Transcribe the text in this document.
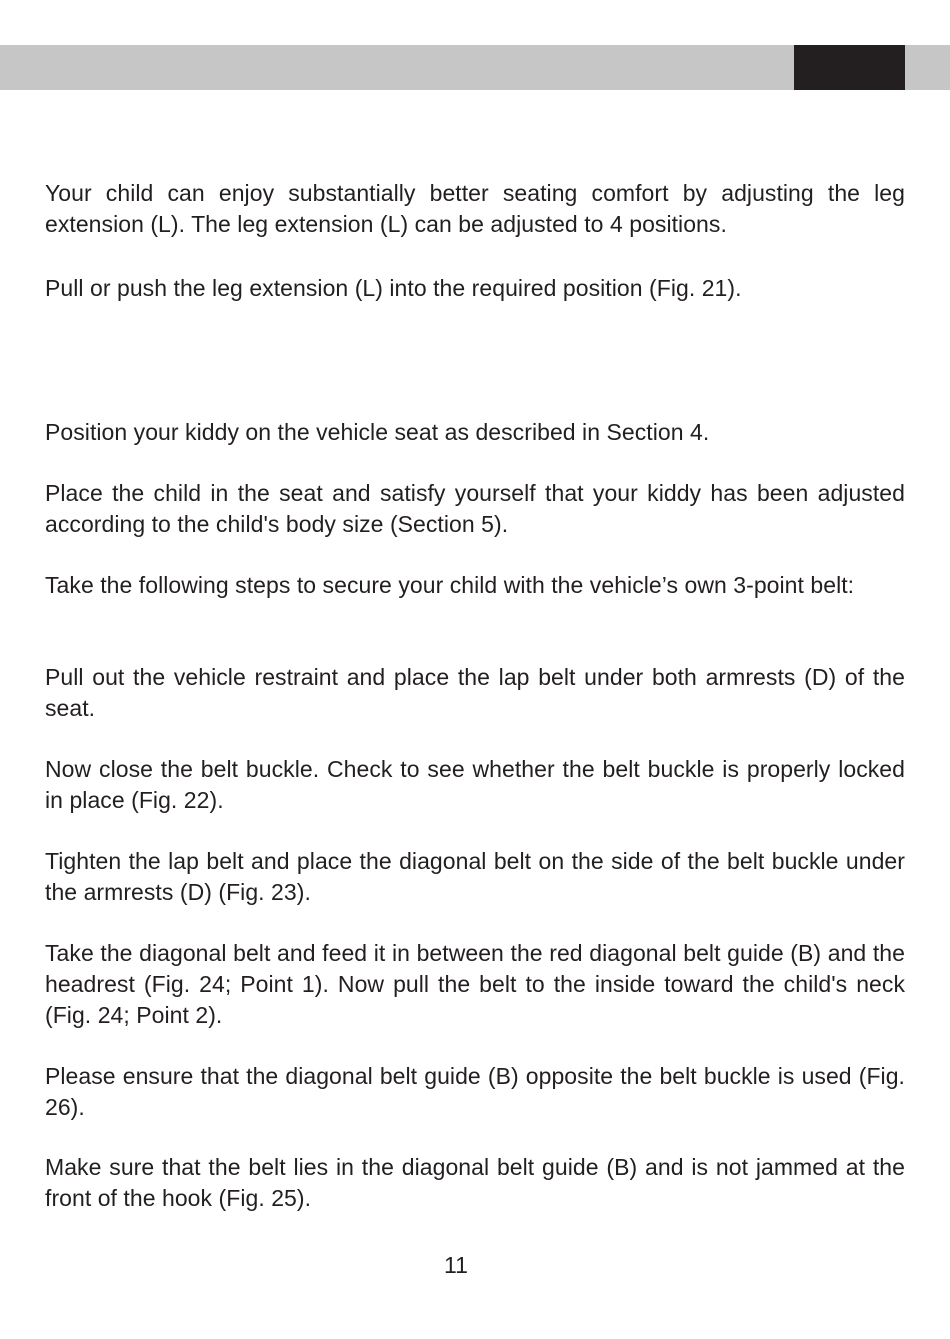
Your child can enjoy substantially better seating comfort by adjusting the leg extension (L). The leg extension (L) can be adjusted to 4 positions.

Pull or push the leg extension (L) into the required position (Fig. 21).

Position your kiddy on the vehicle seat as described in Section 4.

Place the child in the seat and satisfy yourself that your kiddy has been adjusted according to the child's body size (Section 5).

Take the following steps to secure your child with the vehicle’s own 3-point belt:

Pull out the vehicle restraint and place the lap belt under both armrests (D) of the seat.

Now close the belt buckle. Check to see whether the belt buckle is properly locked in place (Fig. 22).

Tighten the lap belt and place the diagonal belt on the side of the belt buckle under the armrests (D) (Fig. 23).

Take the diagonal belt and feed it in between the red diagonal belt guide (B) and the headrest (Fig. 24; Point 1). Now pull the belt to the inside toward the child's neck (Fig. 24; Point 2).

Please ensure that the diagonal belt guide (B) opposite the belt buckle is used (Fig. 26).

Make sure that the belt lies in the diagonal belt guide (B) and is not jammed at the front of the hook (Fig. 25).

11
